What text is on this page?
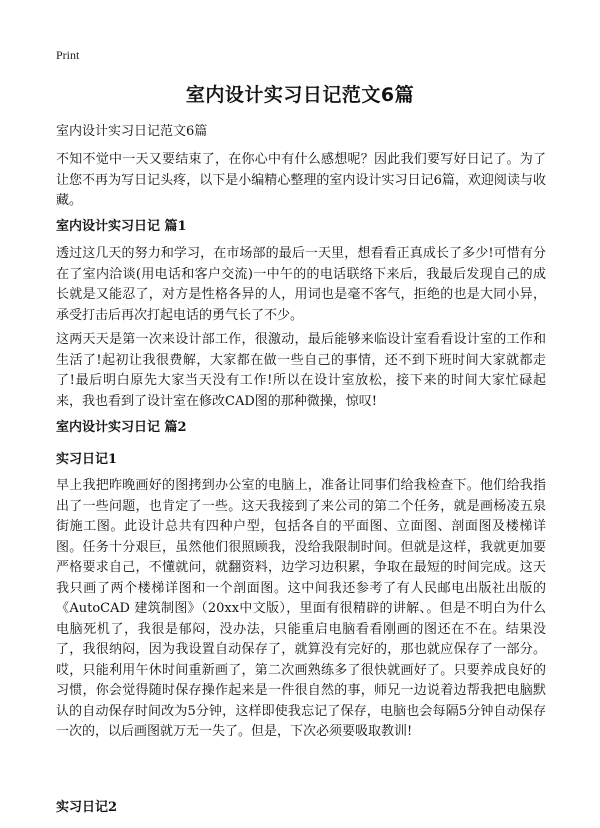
Print
室内设计实习日记范文6篇

室内设计实习日记范文6篇

不知不觉中一天又要结束了，在你心中有什么感想呢？因此我们要写好日记了。为了让您不再为写日记头疼，以下是小编精心整理的室内设计实习日记6篇，欢迎阅读与收藏。

室内设计实习日记 篇1

透过这几天的努力和学习，在市场部的最后一天里，想看看正真成长了多少!可惜有分在了室内洽谈(用电话和客户交流)一中午的的电话联络下来后，我最后发现自己的成长就是又能忍了，对方是性格各异的人，用词也是毫不客气，拒绝的也是大同小异，承受打击后再次打起电话的勇气长了不少。

这两天天是第一次来设计部工作，很激动，最后能够来临设计室看看设计室的工作和生活了!起初让我很费解，大家都在做一些自己的事情，还不到下班时间大家就都走了!最后明白原先大家当天没有工作!所以在设计室放松，接下来的时间大家忙碌起来，我也看到了设计室在修改CAD图的那种微操，惊叹!

室内设计实习日记 篇2
实习日记1

早上我把昨晚画好的图拷到办公室的电脑上，准备让同事们给我检查下。他们给我指出了一些问题，也肯定了一些。这天我接到了来公司的第二个任务，就是画杨凌五泉街施工图。此设计总共有四种户型，包括各自的平面图、立面图、剖面图及楼梯详图。任务十分艰巨，虽然他们很照顾我，没给我限制时间。但就是这样，我就更加要严格要求自己，不懂就问，就翻资料，边学习边积累，争取在最短的时间完成。这天我只画了两个楼梯详图和一个剖面图。这中间我还参考了有人民邮电出版社出版的《AutoCAD 建筑制图》（20xx中文版），里面有很精辟的讲解、。但是不明白为什么电脑死机了，我很是郁闷，没办法，只能重启电脑看看刚画的图还在不在。结果没了，我很纳闷，因为我设置自动保存了，就算没有完好的，那也就应保存了一部分。哎，只能利用午休时间重新画了，第二次画熟练多了很快就画好了。只要养成良好的习惯，你会觉得随时保存操作起来是一件很自然的事，师兄一边说着边帮我把电脑默认的自动保存时间改为5分钟，这样即使我忘记了保存，电脑也会每隔5分钟自动保存一次的，以后画图就万无一失了。但是，下次必须要吸取教训!

实习日记2
